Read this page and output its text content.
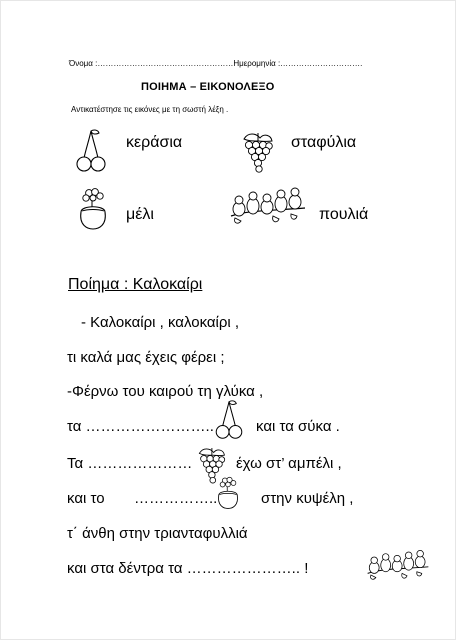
Όνομα :……………………………………………Ημερομηνία :………………………….
ΠΟΙΗΜΑ – ΕΙΚΟΝΟΛΕΞΟ
Αντικατέστησε τις εικόνες με τη σωστή λέξη .
κεράσια	σταφύλια
μέλι	πουλιά
Ποίημα : Καλοκαίρι
- Καλοκαίρι , καλοκαίρι ,
τι καλά μας έχεις φέρει ;
-Φέρνω του καιρού τη γλύκα ,
τα ……………………..	και τα σύκα .
Τα …………………	έχω στ’ αμπέλι ,
και το ……………..	στην κυψέλη ,
τ΄ άνθη στην τριανταφυλλιά
και στα δέντρα τα ………………….. !
